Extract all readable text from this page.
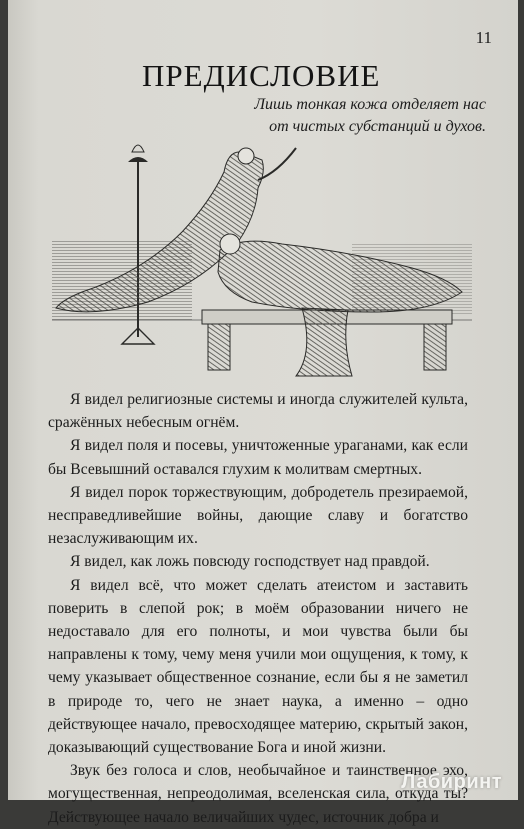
11
ПРЕДИСЛОВИЕ
Лишь тонкая кожа отделяет нас
от чистых субстанций и духов.

Я видел религиозные системы и иногда служителей культа, сражённых небесным огнём.

Я видел поля и посевы, уничтоженные ураганами, как если бы Всевышний оставался глухим к молитвам смертных.

Я видел порок торжествующим, добродетель презираемой, несправедливейшие войны, дающие славу и богатство незаслуживающим их.

Я видел, как ложь повсюду господствует над правдой.

Я видел всё, что может сделать атеистом и заставить поверить в слепой рок; в моём образовании ничего не недоставало для его полноты, и мои чувства были бы направлены к тому, чему меня учили мои ощущения, к тому, к чему указывает общественное сознание, если бы я не заметил в природе то, чего не знает наука, а именно – одно действующее начало, превосходящее материю, скрытый закон, доказывающий существование Бога и иной жизни.

Звук без голоса и слов, необычайное и таинственное эхо, могущественная, непреодолимая, вселенская сила, откуда ты? Действующее начало величайших чудес, источник добра и

Лабиринт
